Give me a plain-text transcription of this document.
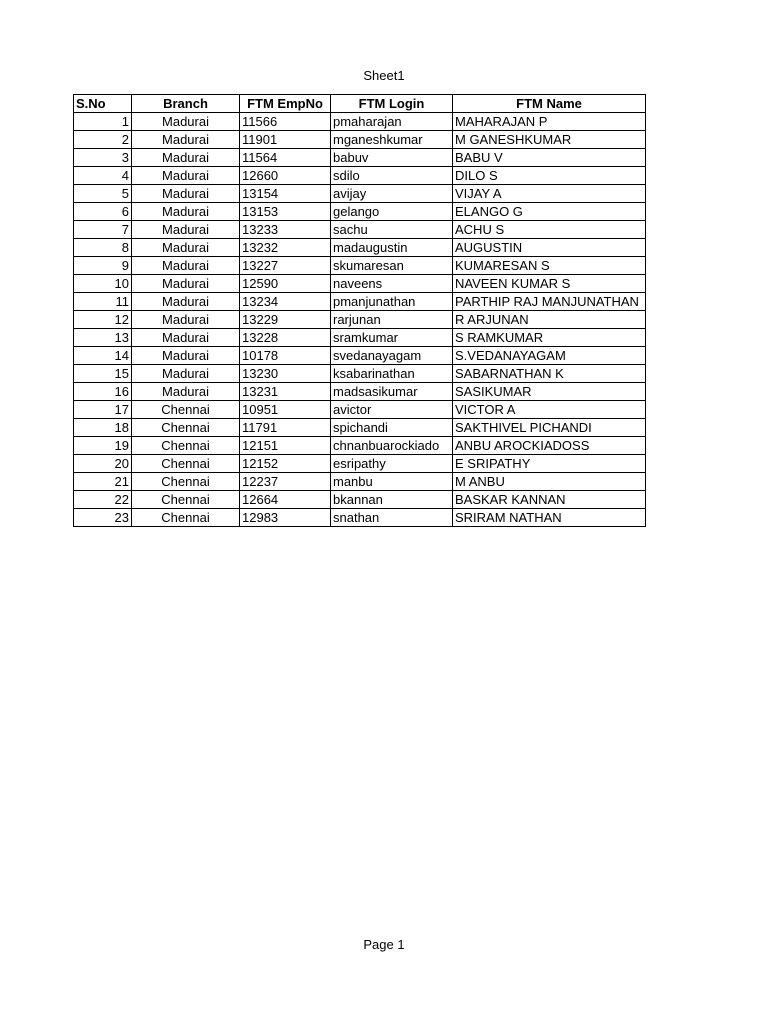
Sheet1
S.No	Branch	FTM EmpNo	FTM Login	FTM Name
1	Madurai	11566	pmaharajan	MAHARAJAN P
2	Madurai	11901	mganeshkumar	M GANESHKUMAR
3	Madurai	11564	babuv	BABU V
4	Madurai	12660	sdilo	DILO S
5	Madurai	13154	avijay	VIJAY A
6	Madurai	13153	gelango	ELANGO G
7	Madurai	13233	sachu	ACHU S
8	Madurai	13232	madaugustin	AUGUSTIN
9	Madurai	13227	skumaresan	KUMARESAN S
10	Madurai	12590	naveens	NAVEEN KUMAR S
11	Madurai	13234	pmanjunathan	PARTHIP RAJ MANJUNATHAN
12	Madurai	13229	rarjunan	R ARJUNAN
13	Madurai	13228	sramkumar	S RAMKUMAR
14	Madurai	10178	svedanayagam	S.VEDANAYAGAM
15	Madurai	13230	ksabarinathan	SABARNATHAN K
16	Madurai	13231	madsasikumar	SASIKUMAR
17	Chennai	10951	avictor	VICTOR A
18	Chennai	11791	spichandi	SAKTHIVEL PICHANDI
19	Chennai	12151	chnanbuarockiado	ANBU AROCKIADOSS
20	Chennai	12152	esripathy	E SRIPATHY
21	Chennai	12237	manbu	M ANBU
22	Chennai	12664	bkannan	BASKAR KANNAN
23	Chennai	12983	snathan	SRIRAM NATHAN
Page 1
